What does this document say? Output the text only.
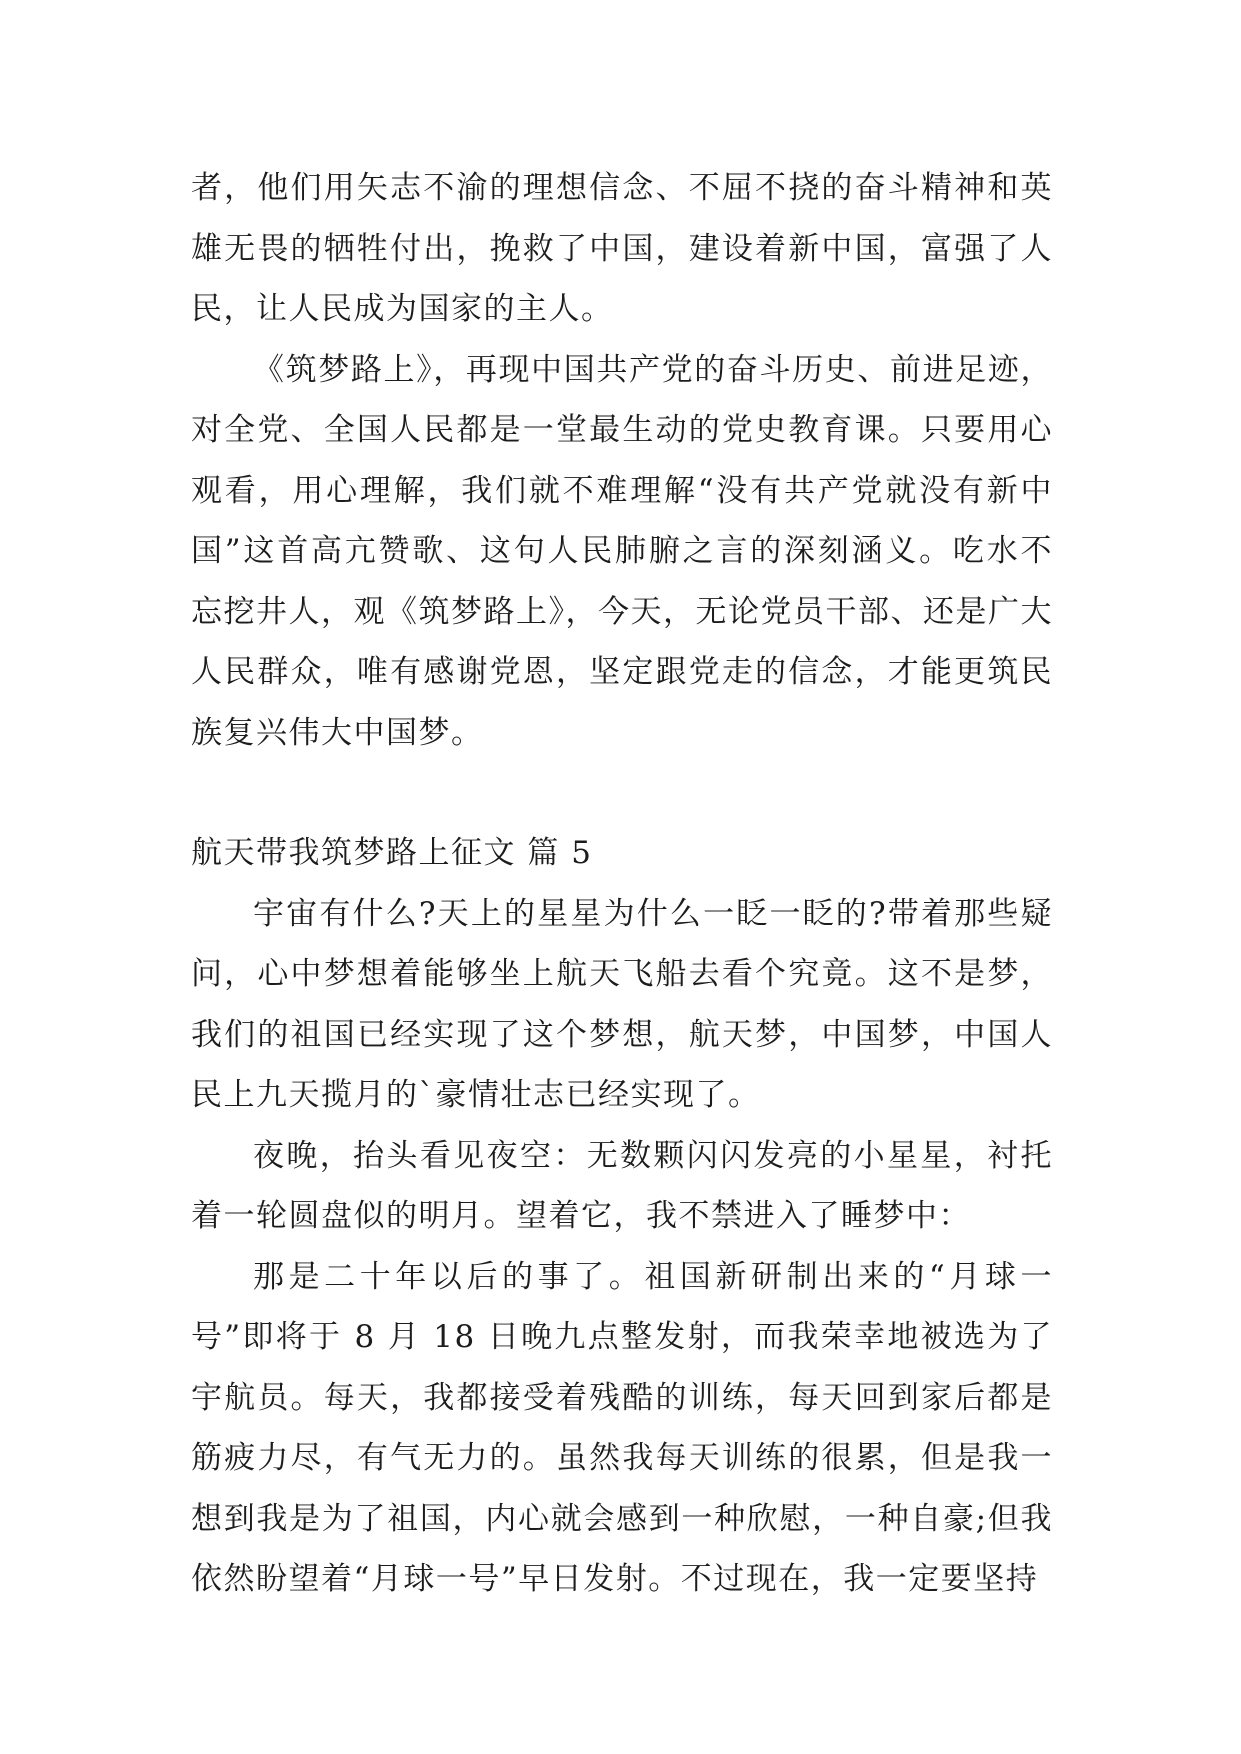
者，他们用矢志不渝的理想信念、不屈不挠的奋斗精神和英雄无畏的牺牲付出，挽救了中国，建设着新中国，富强了人民，让人民成为国家的主人。

《筑梦路上》，再现中国共产党的奋斗历史、前进足迹，对全党、全国人民都是一堂最生动的党史教育课。只要用心观看，用心理解，我们就不难理解“没有共产党就没有新中国”这首高亢赞歌、这句人民肺腑之言的深刻涵义。吃水不忘挖井人，观《筑梦路上》，今天，无论党员干部、还是广大人民群众，唯有感谢党恩，坚定跟党走的信念，才能更筑民族复兴伟大中国梦。

航天带我筑梦路上征文 篇 5

宇宙有什么?天上的星星为什么一眨一眨的?带着那些疑问，心中梦想着能够坐上航天飞船去看个究竟。这不是梦，我们的祖国已经实现了这个梦想，航天梦，中国梦，中国人民上九天揽月的`豪情壮志已经实现了。

夜晚，抬头看见夜空：无数颗闪闪发亮的小星星，衬托着一轮圆盘似的明月。望着它，我不禁进入了睡梦中：

那是二十年以后的事了。祖国新研制出来的“月球一号”即将于 8 月 18 日晚九点整发射，而我荣幸地被选为了宇航员。每天，我都接受着残酷的训练，每天回到家后都是筋疲力尽，有气无力的。虽然我每天训练的很累，但是我一想到我是为了祖国，内心就会感到一种欣慰，一种自豪;但我依然盼望着“月球一号”早日发射。不过现在，我一定要坚持
